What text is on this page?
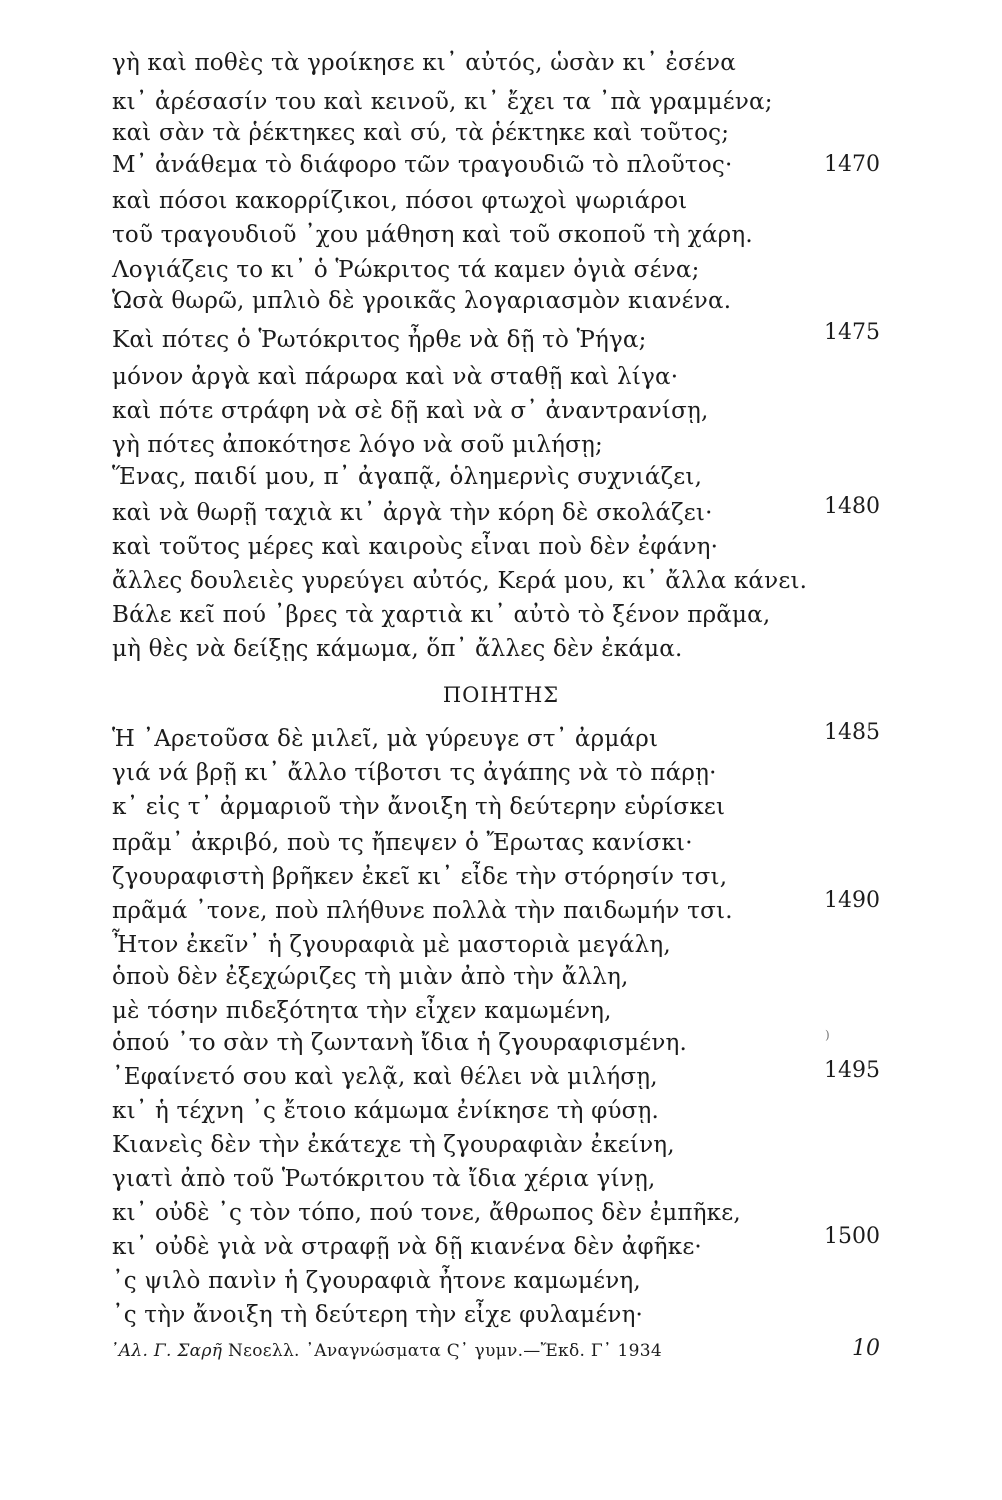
γὴ καὶ ποθὲς τὰ γροίκησε κι᾽ αὐτός, ὡσὰν κι᾽ ἐσένα
κι᾽ ἀρέσασίν του καὶ κεινοῦ, κι᾽ ἔχει τα ᾽πὰ γραμμένα;
καὶ σὰν τὰ ῥέκτηκες καὶ σύ, τὰ ῥέκτηκε καὶ τοῦτος;
Μ᾽ ἀνάθεμα τὸ διάφορο τῶν τραγουδιῶ τὸ πλοῦτος·
καὶ πόσοι κακορρίζικοι, πόσοι φτωχοὶ ψωριάροι
τοῦ τραγουδιοῦ ᾽χου μάθηση καὶ τοῦ σκοποῦ τὴ χάρη.
Λογιάζεις το κι᾽ ὁ Ῥώκριτος τά καμεν ὀγιὰ σένα;
Ὡσὰ θωρῶ, μπλιὸ δὲ γροικᾶς λογαριασμὸν κιανένα.
Καὶ πότες ὁ Ῥωτόκριτος ἦρθε νὰ δῇ τὸ Ῥήγα;
μόνον ἀργὰ καὶ πάρωρα καὶ νὰ σταθῇ καὶ λίγα·
καὶ πότε στράφη νὰ σὲ δῇ καὶ νὰ σ᾽ ἀναντρανίσῃ,
γὴ πότες ἀποκότησε λόγο νὰ σοῦ μιλήσῃ;
Ἕνας, παιδί μου, π᾽ ἀγαπᾷ, ὁλημερνὶς συχνιάζει,
καὶ νὰ θωρῇ ταχιὰ κι᾽ ἀργὰ τὴν κόρη δὲ σκολάζει·
καὶ τοῦτος μέρες καὶ καιροὺς εἶναι ποὺ δὲν ἐφάνη·
ἄλλες δουλειὲς γυρεύγει αὐτός, Κερά μου, κι᾽ ἄλλα κάνει.
Βάλε κεῖ πού ᾽βρες τὰ χαρτιὰ κι᾽ αὐτὸ τὸ ξένον πρᾶμα,
μὴ θὲς νὰ δείξῃς κάμωμα, ὅπ᾽ ἄλλες δὲν ἐκάμα.
ΠΟΙΗΤΗΣ
Ἡ ᾽Αρετοῦσα δὲ μιλεῖ, μὰ γύρευγε στ᾽ ἀρμάρι
γιά νά βρῇ κι᾽ ἄλλο τίβοτσι τς ἀγάπης νὰ τὸ πάρῃ·
κ᾽ εἰς τ᾽ ἀρμαριοῦ τὴν ἄνοιξη τὴ δεύτερην εὑρίσκει
πρᾶμ᾽ ἀκριβό, ποὺ τς ἤπεψεν ὁ Ἔρωτας κανίσκι·
ζγουραφιστὴ βρῆκεν ἐκεῖ κι᾽ εἶδε τὴν στόρησίν τσι,
πρᾶμά ᾽τονε, ποὺ πλήθυνε πολλὰ τὴν παιδωμήν τσι.
Ἦτον ἐκεῖν᾽ ἡ ζγουραφιὰ μὲ μαστοριὰ μεγάλη,
ὁποὺ δὲν ἐξεχώριζες τὴ μιὰν ἀπὸ τὴν ἄλλη,
μὲ τόσην πιδεξότητα τὴν εἶχεν καμωμένη,
ὁπού ᾽το σὰν τὴ ζωντανὴ ἴδια ἡ ζγουραφισμένη.
᾽Εφαίνετό σου καὶ γελᾷ, καὶ θέλει νὰ μιλήσῃ,
κι᾽ ἡ τέχνη ᾽ς ἔτοιο κάμωμα ἐνίκησε τὴ φύσῃ.
Κιανεὶς δὲν τὴν ἐκάτεχε τὴ ζγουραφιὰν ἐκείνη,
γιατὶ ἀπὸ τοῦ Ῥωτόκριτου τὰ ἴδια χέρια γίνῃ,
κι᾽ οὐδὲ ᾽ς τὸν τόπο, πού τονε, ἄθρωπος δὲν ἐμπῆκε,
κι᾽ οὐδὲ γιὰ νὰ στραφῇ νὰ δῇ κιανένα δὲν ἀφῆκε·
᾽ς ψιλὸ πανὶν ἡ ζγουραφιὰ ἦτονε καμωμένη,
᾽ς τὴν ἄνοιξη τὴ δεύτερη τὴν εἶχε φυλαμένη·
1470
1475
1480
1485
1490
1495
1500
)
᾽Αλ. Γ. Σαρῆ Νεοελλ. ᾽Αναγνώσματα Ϛ᾽ γυμν.—Ἔκδ. Γ᾽ 1934	10
